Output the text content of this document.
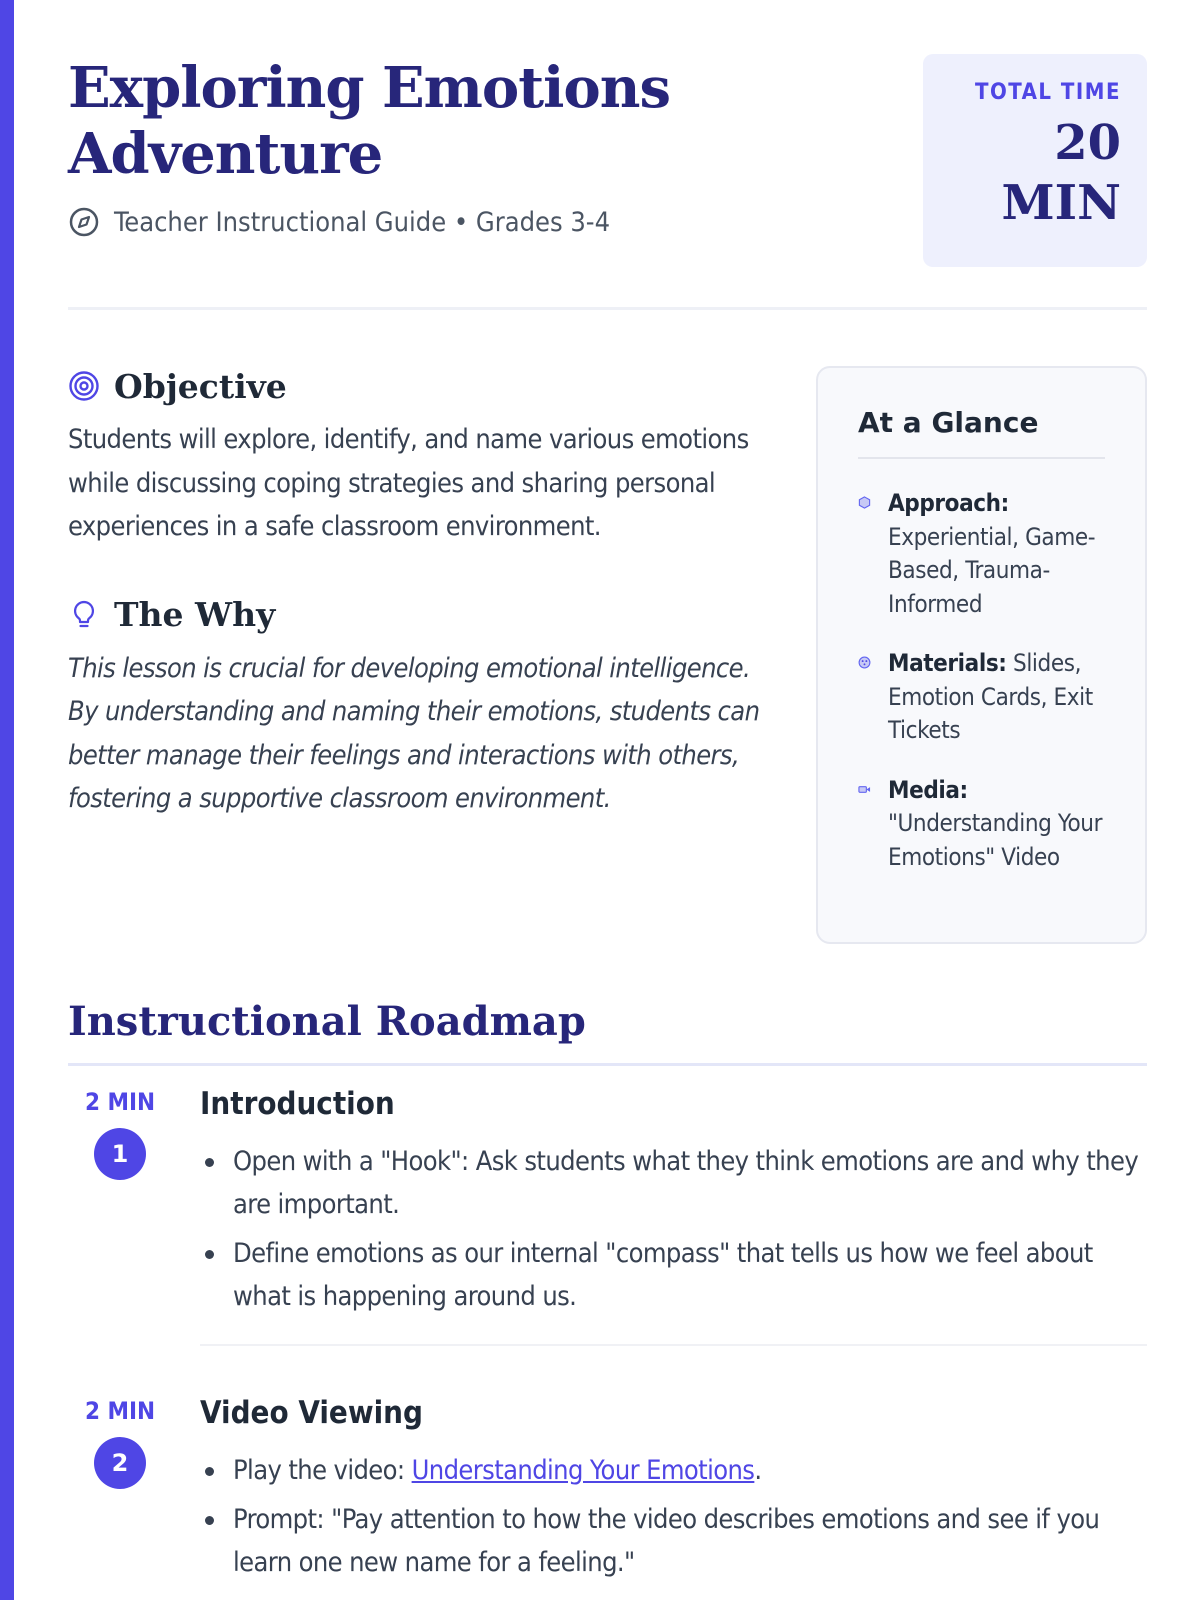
Exploring Emotions Adventure
Teacher Instructional Guide • Grades 3-4
TOTAL TIME
20
MIN
Objective

Students will explore, identify, and name various emotions while discussing coping strategies and sharing personal experiences in a safe classroom environment.

The Why

This lesson is crucial for developing emotional intelligence. By understanding and naming their emotions, students can better manage their feelings and interactions with others, fostering a supportive classroom environment.

At a Glance
Approach:
Experiential, Game-Based, Trauma-Informed
Materials: Slides, Emotion Cards, Exit Tickets
Media:
"Understanding Your Emotions" Video
Instructional Roadmap
2 MIN
1
Introduction
Open with a "Hook": Ask students what they think emotions are and why they are important.
Define emotions as our internal "compass" that tells us how we feel about what is happening around us.
2 MIN
2
Video Viewing
Play the video: Understanding Your Emotions.
Prompt: "Pay attention to how the video describes emotions and see if you learn one new name for a feeling."
